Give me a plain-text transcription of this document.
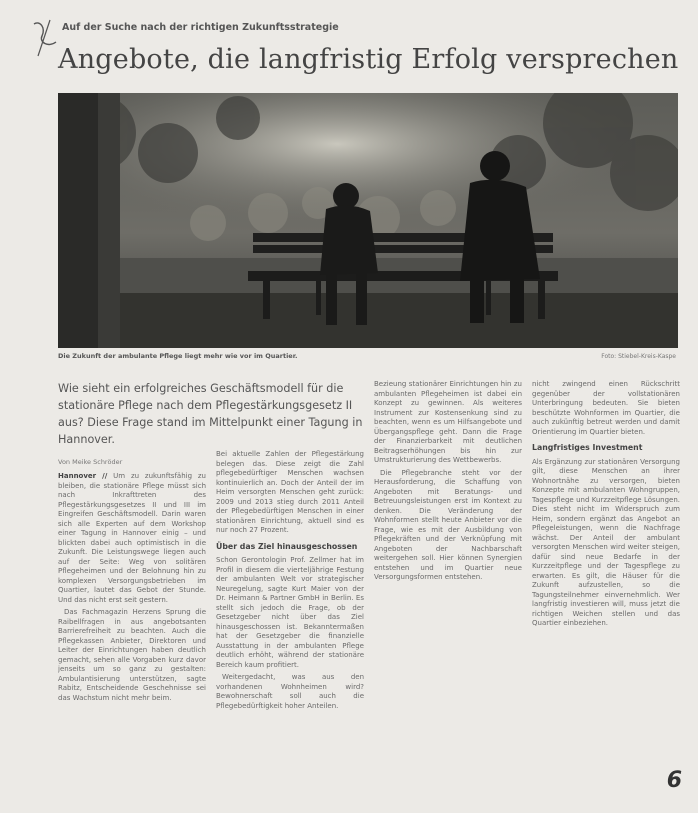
Auf der Suche nach der richtigen Zukunftsstrategie
Angebote, die langfristig Erfolg versprechen
Die Zukunft der ambulante Pflege liegt mehr wie vor im Quartier.	Foto: Stiebel-Kreis-Kaspe
Wie sieht ein erfolgreiches Geschäftsmodell für die stationäre Pflege nach dem Pflegestärkungsgesetz II aus? Diese Frage stand im Mittelpunkt einer Tagung in Hannover.
Von Meike Schröder

Hannover // Um zu zukunftsfähig zu bleiben, die stationäre Pflege müsst sich nach Inkrafttreten des Pflegestärkungsgesetzes II und III im Eingreifen Geschäftsmodell. Darin waren sich alle Experten auf dem Workshop einer Tagung in Hannover einig – und blickten dabei auch optimistisch in die Zukunft. Die Leistungswege liegen auch auf der Seite: Weg von solitären Pflegeheimen und der Belohnung hin zu komplexen Versorgungsbetrieben im Quartier, lautet das Gebot der Stunde. Und das nicht erst seit gestern.

Das Fachmagazin Herzens Sprung die Raibellfragen in aus angebotsanten Barrierefreiheit zu beachten. Auch die Pflegekassen Anbieter, Direktoren und Leiter der Einrichtungen haben deutlich gemacht, sehen alle Vorgaben kurz davor jenseits um so ganz zu gestalten: Ambulantisierung unterstützen, sagte Rabitz, Entscheidende Geschehnisse sei das Wachstum nicht mehr beim.

Bei aktuelle Zahlen der Pflegestärkung belegen das. Diese zeigt die Zahl pflegebedürftiger Menschen wachsen kontinuierlich an. Doch der Anteil der im Heim versorgten Menschen geht zurück: 2009 und 2013 stieg durch 2011 Anteil der Pflegebedürftigen Menschen in einer stationären Einrichtung, aktuell sind es nur noch 27 Prozent.

Über das Ziel hinausgeschossen

Schon Gerontologin Prof. Zellmer hat im Profil in diesem die vierteljährige Festung der ambulanten Welt vor strategischer Neuregelung, sagte Kurt Maier von der Dr. Heimann & Partner GmbH in Berlin. Es stellt sich jedoch die Frage, ob der Gesetzgeber nicht über das Ziel hinausgeschossen ist. Bekanntermaßen hat der Gesetzgeber die finanzielle Ausstattung in der ambulanten Pflege deutlich erhöht, während der stationäre Bereich kaum profitiert.

Weitergedacht, was aus den vorhandenen Wohnheimen wird? Bewohnerschaft soll auch die Pflegebedürftigkeit hoher Anteilen.

Bezieung stationärer Einrichtungen hin zu ambulanten Pflegeheimen ist dabei ein Konzept zu gewinnen. Als weiteres Instrument zur Kostensenkung sind zu beachten, wenn es um Hilfsangebote und Übergangspflege geht. Dann die Frage der Finanzierbarkeit mit deutlichen Beitragserhöhungen bis hin zur Umstrukturierung des Wettbewerbs.

Die Pflegebranche steht vor der Herausforderung, die Schaffung von Angeboten mit Beratungs- und Betreuungsleistungen erst im Kontext zu denken. Die Veränderung der Wohnformen stellt heute Anbieter vor die Frage, wie es mit der Ausbildung von Pflegekräften und der Verknüpfung mit Angeboten der Nachbarschaft weitergehen soll. Hier können Synergien entstehen und im Quartier neue Versorgungsformen entstehen.

nicht zwingend einen Rückschritt gegenüber der vollstationären Unterbringung bedeuten. Sie bieten beschützte Wohnformen im Quartier, die auch zukünftig betreut werden und damit Orientierung im Quartier bieten.

Langfristiges Investment

Als Ergänzung zur stationären Versorgung gilt, diese Menschen an ihrer Wohnortnähe zu versorgen, bieten Konzepte mit ambulanten Wohngruppen, Tagespflege und Kurzzeitpflege Lösungen. Dies steht nicht im Widerspruch zum Heim, sondern ergänzt das Angebot an Pflegeleistungen, wenn die Nachfrage wächst. Der Anteil der ambulant versorgten Menschen wird weiter steigen, dafür sind neue Bedarfe in der Kurzzeitpflege und der Tagespflege zu erwarten. Es gilt, die Häuser für die Zukunft aufzustellen, so die Tagungsteilnehmer einvernehmlich. Wer langfristig investieren will, muss jetzt die richtigen Weichen stellen und das Quartier einbeziehen.

6
